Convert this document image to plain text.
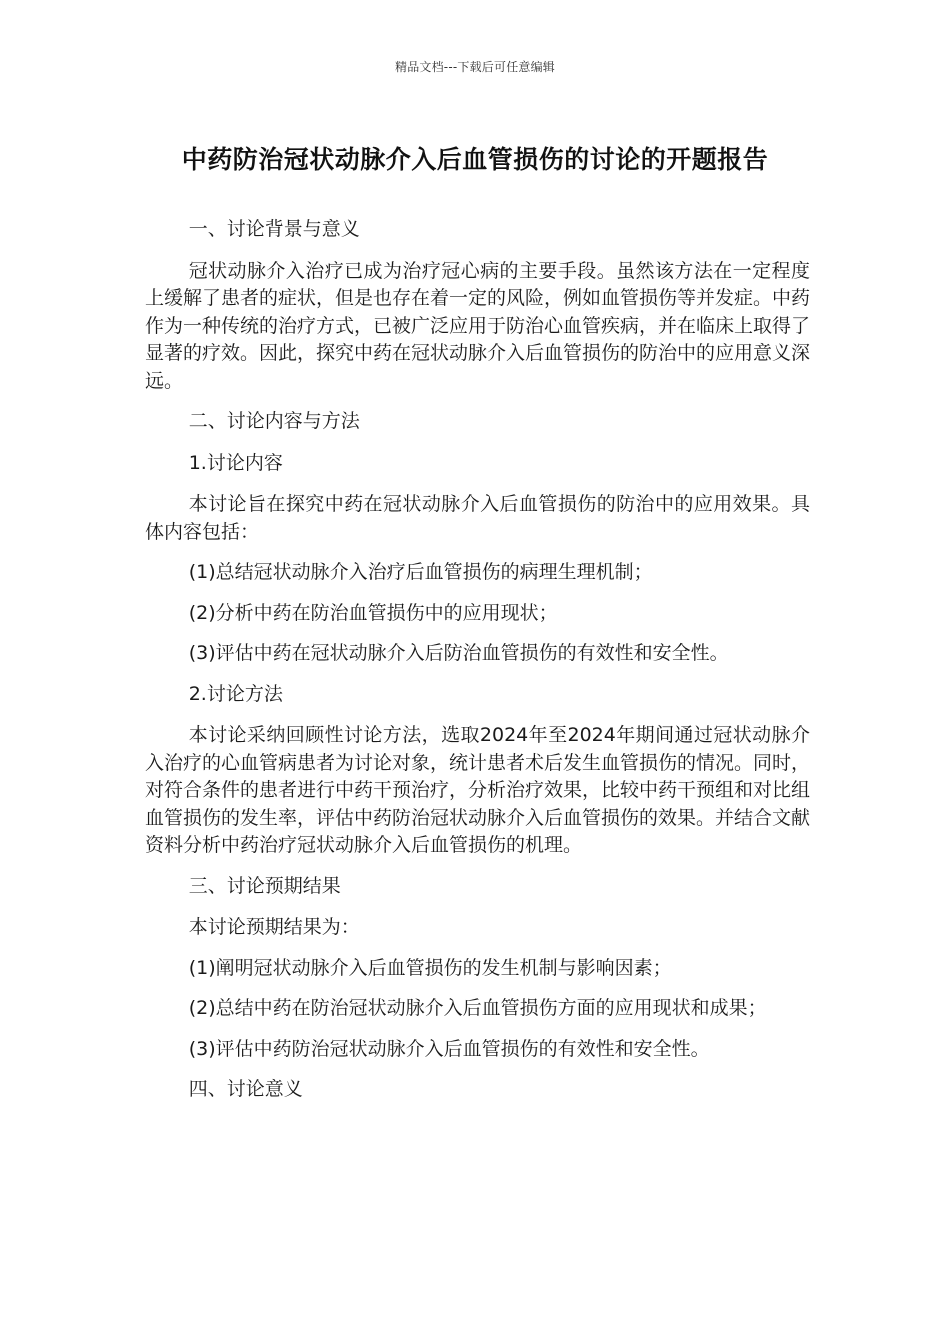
精品文档---下载后可任意编辑
中药防治冠状动脉介入后血管损伤的讨论的开题报告

一、讨论背景与意义

冠状动脉介入治疗已成为治疗冠心病的主要手段。虽然该方法在一定程度上缓解了患者的症状，但是也存在着一定的风险，例如血管损伤等并发症。中药作为一种传统的治疗方式，已被广泛应用于防治心血管疾病，并在临床上取得了显著的疗效。因此，探究中药在冠状动脉介入后血管损伤的防治中的应用意义深远。

二、讨论内容与方法

1.讨论内容

本讨论旨在探究中药在冠状动脉介入后血管损伤的防治中的应用效果。具体内容包括：

(1)总结冠状动脉介入治疗后血管损伤的病理生理机制；

(2)分析中药在防治血管损伤中的应用现状；

(3)评估中药在冠状动脉介入后防治血管损伤的有效性和安全性。

2.讨论方法

本讨论采纳回顾性讨论方法，选取2024年至2024年期间通过冠状动脉介入治疗的心血管病患者为讨论对象，统计患者术后发生血管损伤的情况。同时，对符合条件的患者进行中药干预治疗，分析治疗效果，比较中药干预组和对比组血管损伤的发生率，评估中药防治冠状动脉介入后血管损伤的效果。并结合文献资料分析中药治疗冠状动脉介入后血管损伤的机理。

三、讨论预期结果

本讨论预期结果为：

(1)阐明冠状动脉介入后血管损伤的发生机制与影响因素；

(2)总结中药在防治冠状动脉介入后血管损伤方面的应用现状和成果；

(3)评估中药防治冠状动脉介入后血管损伤的有效性和安全性。

四、讨论意义
